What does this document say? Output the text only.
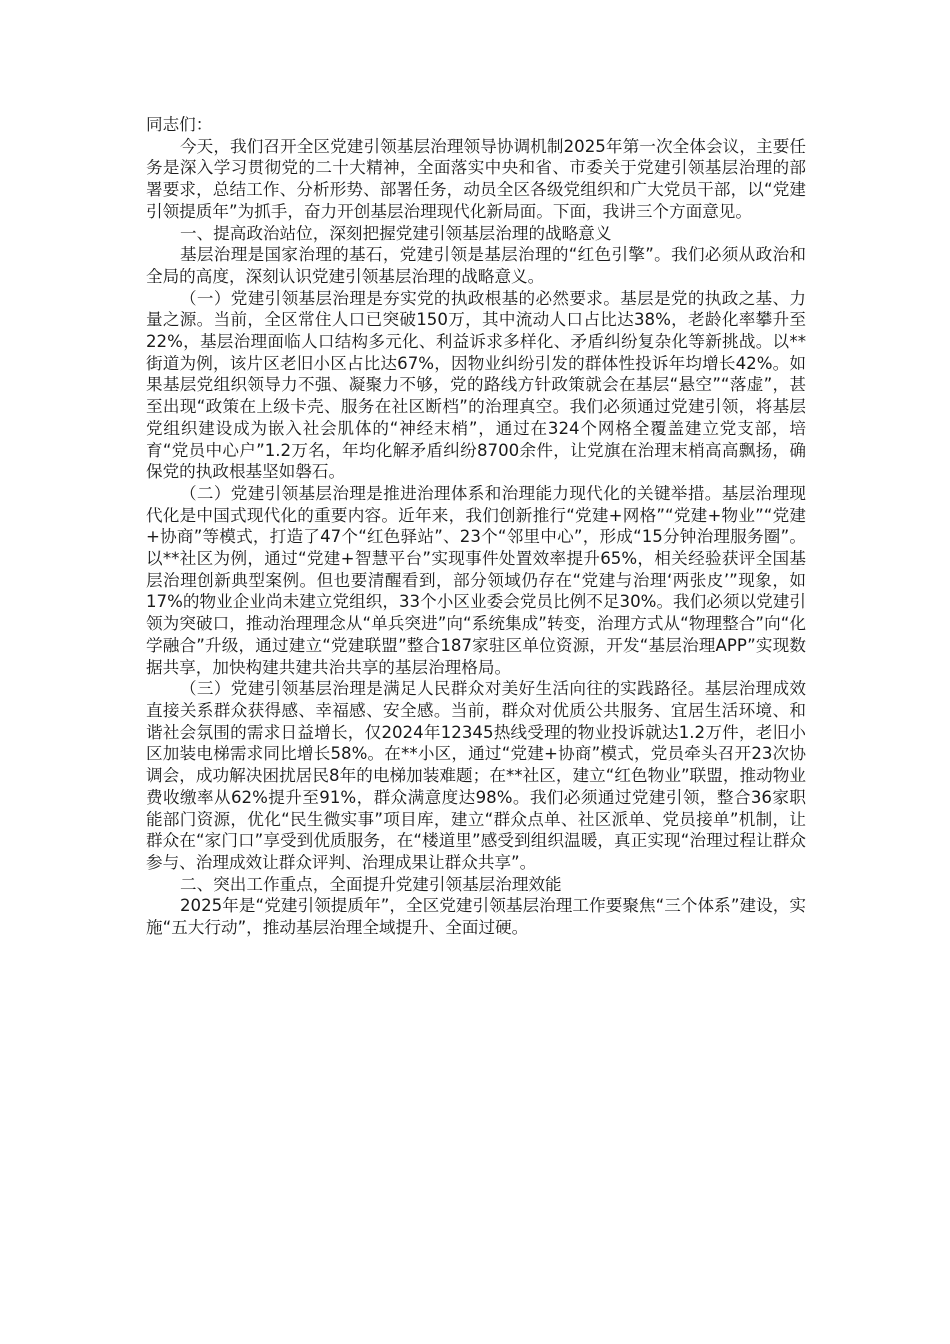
同志们：

今天，我们召开全区党建引领基层治理领导协调机制2025年第一次全体会议，主要任务是深入学习贯彻党的二十大精神，全面落实中央和省、市委关于党建引领基层治理的部署要求，总结工作、分析形势、部署任务，动员全区各级党组织和广大党员干部，以“党建引领提质年”为抓手，奋力开创基层治理现代化新局面。下面，我讲三个方面意见。

一、提高政治站位，深刻把握党建引领基层治理的战略意义

基层治理是国家治理的基石，党建引领是基层治理的“红色引擎”。我们必须从政治和全局的高度，深刻认识党建引领基层治理的战略意义。

（一）党建引领基层治理是夯实党的执政根基的必然要求。基层是党的执政之基、力量之源。当前，全区常住人口已突破150万，其中流动人口占比达38%，老龄化率攀升至22%，基层治理面临人口结构多元化、利益诉求多样化、矛盾纠纷复杂化等新挑战。以**街道为例，该片区老旧小区占比达67%，因物业纠纷引发的群体性投诉年均增长42%。如果基层党组织领导力不强、凝聚力不够，党的路线方针政策就会在基层“悬空”“落虚”，甚至出现“政策在上级卡壳、服务在社区断档”的治理真空。我们必须通过党建引领，将基层党组织建设成为嵌入社会肌体的“神经末梢”，通过在324个网格全覆盖建立党支部，培育“党员中心户”1.2万名，年均化解矛盾纠纷8700余件，让党旗在治理末梢高高飘扬，确保党的执政根基坚如磐石。

（二）党建引领基层治理是推进治理体系和治理能力现代化的关键举措。基层治理现代化是中国式现代化的重要内容。近年来，我们创新推行“党建+网格”“党建+物业”“党建+协商”等模式，打造了47个“红色驿站”、23个“邻里中心”，形成“15分钟治理服务圈”。以**社区为例，通过“党建+智慧平台”实现事件处置效率提升65%，相关经验获评全国基层治理创新典型案例。但也要清醒看到，部分领域仍存在“党建与治理‘两张皮’”现象，如17%的物业企业尚未建立党组织，33个小区业委会党员比例不足30%。我们必须以党建引领为突破口，推动治理理念从“单兵突进”向“系统集成”转变，治理方式从“物理整合”向“化学融合”升级，通过建立“党建联盟”整合187家驻区单位资源，开发“基层治理APP”实现数据共享，加快构建共建共治共享的基层治理格局。

（三）党建引领基层治理是满足人民群众对美好生活向往的实践路径。基层治理成效直接关系群众获得感、幸福感、安全感。当前，群众对优质公共服务、宜居生活环境、和谐社会氛围的需求日益增长，仅2024年12345热线受理的物业投诉就达1.2万件，老旧小区加装电梯需求同比增长58%。在**小区，通过“党建+协商”模式，党员牵头召开23次协调会，成功解决困扰居民8年的电梯加装难题；在**社区，建立“红色物业”联盟，推动物业费收缴率从62%提升至91%，群众满意度达98%。我们必须通过党建引领，整合36家职能部门资源，优化“民生微实事”项目库，建立“群众点单、社区派单、党员接单”机制，让群众在“家门口”享受到优质服务，在“楼道里”感受到组织温暖，真正实现“治理过程让群众参与、治理成效让群众评判、治理成果让群众共享”。

二、突出工作重点，全面提升党建引领基层治理效能

2025年是“党建引领提质年”，全区党建引领基层治理工作要聚焦“三个体系”建设，实施“五大行动”，推动基层治理全域提升、全面过硬。
